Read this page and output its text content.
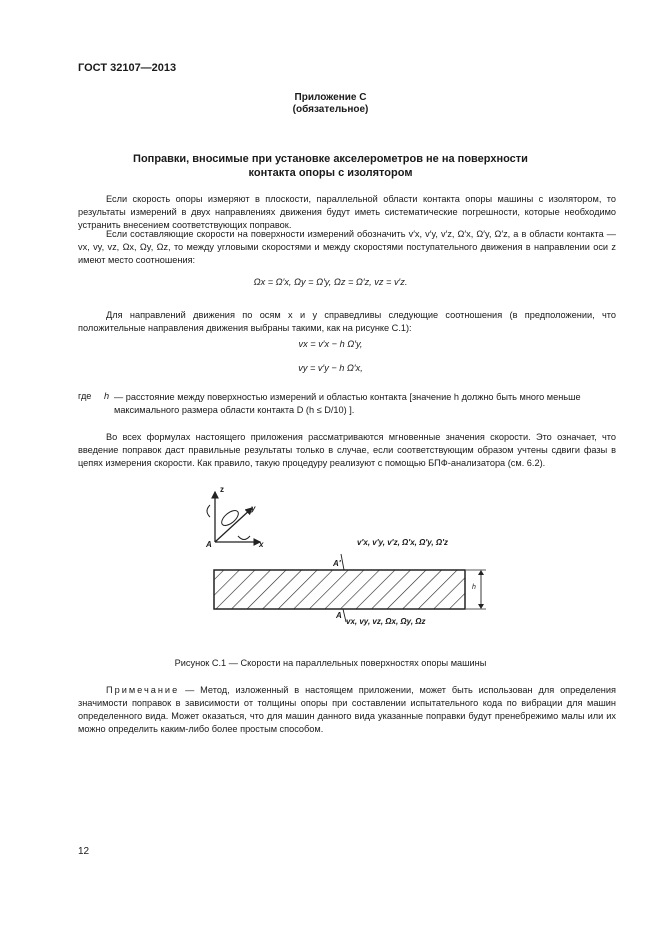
ГОСТ 32107—2013
Приложение С
(обязательное)
Поправки, вносимые при установке акселерометров не на поверхности
контакта опоры с изолятором

Если скорость опоры измеряют в плоскости, параллельной области контакта опоры машины с изолятором, то результаты измерений в двух направлениях движения будут иметь систематические погрешности, которые необходимо устранить внесением соответствующих поправок.

Если составляющие скорости на поверхности измерений обозначить v′x, v′y, v′z, Ω′x, Ω′y, Ω′z, а в области контакта — vx, vy, vz, Ωx, Ωy, Ωz, то между угловыми скоростями и между скоростями поступательного движения в направлении оси z имеют место соотношения:

Ωx = Ω′x, Ωy = Ω′y, Ωz = Ω′z, vz = v′z.

Для направлений движения по осям x и y справедливы следующие соотношения (в предположении, что положительные направления движения выбраны такими, как на рисунке С.1):

vx = v′x − h Ω′y,
vy = v′y − h Ω′x,
где h — расстояние между поверхностью измерений и областью контакта [значение h должно быть много меньше максимального размера области контакта D (h ≤ D/10) ].

Во всех формулах настоящего приложения рассматриваются мгновенные значения скорости. Это означает, что введение поправок даст правильные результаты только в случае, если соответствующим образом учтены сдвиги фазы в цепях измерения скорости. Как правило, такую процедуру реализуют с помощью БПФ-анализатора (см. 6.2).

z
y
x
A	v′x, v′y, v′z, Ω′x, Ω′y, Ω′z
A′
A
vx, vy, vz, Ωx, Ωy, Ωz
h
Рисунок С.1 — Скорости на параллельных поверхностях опоры машины

Примечание — Метод, изложенный в настоящем приложении, может быть использован для определения значимости поправок в зависимости от толщины опоры при составлении испытательного кода по вибрации для машин определенного вида. Может оказаться, что для машин данного вида указанные поправки будут пренебрежимо малы или их можно определить каким-либо более простым способом.

12
